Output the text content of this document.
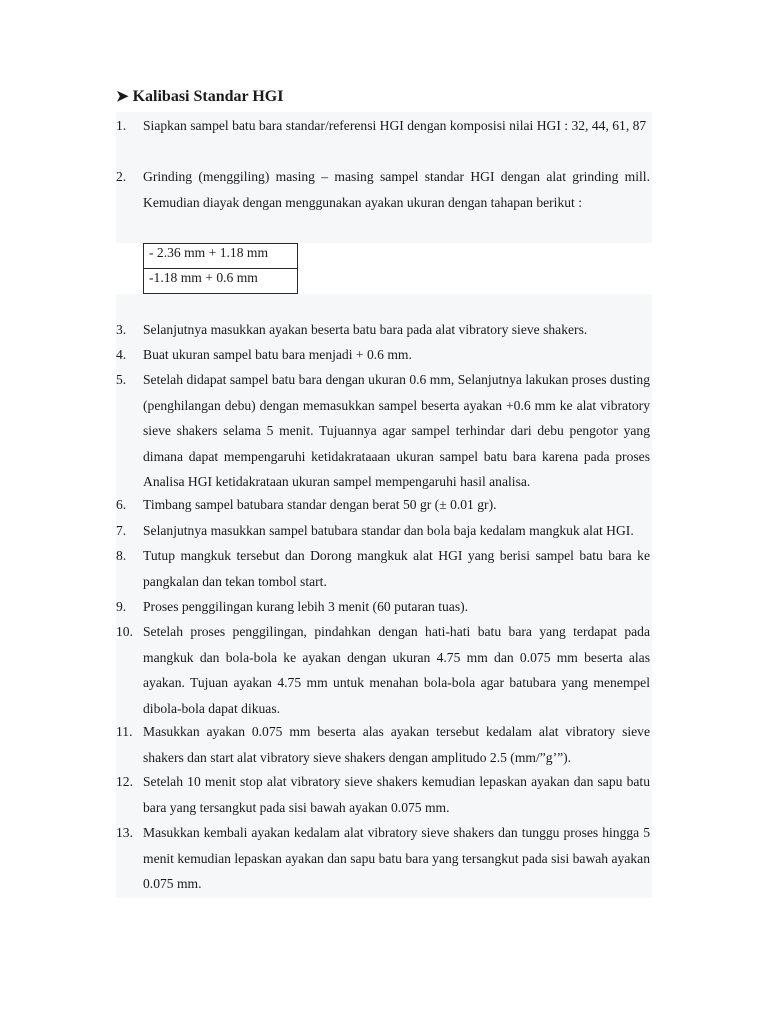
➤ Kalibasi Standar HGI
1.	Siapkan sampel batu bara standar/referensi HGI dengan komposisi nilai HGI : 32, 44, 61, 87
2.	Grinding (menggiling) masing – masing sampel standar HGI dengan alat grinding mill. Kemudian diayak dengan menggunakan ayakan ukuran dengan tahapan berikut :
- 2.36 mm + 1.18 mm
-1.18 mm + 0.6 mm
3.	Selanjutnya masukkan ayakan beserta batu bara pada alat vibratory sieve shakers.
4.	Buat ukuran sampel batu bara menjadi + 0.6 mm.
5.	Setelah didapat sampel batu bara dengan ukuran 0.6 mm, Selanjutnya lakukan proses dusting (penghilangan debu) dengan memasukkan sampel beserta ayakan +0.6 mm ke alat vibratory sieve shakers selama 5 menit. Tujuannya agar sampel terhindar dari debu pengotor yang dimana dapat mempengaruhi ketidakrataaan ukuran sampel batu bara karena pada proses Analisa HGI ketidakrataan ukuran sampel mempengaruhi hasil analisa.
6.	Timbang sampel batubara standar dengan berat 50 gr (± 0.01 gr).
7.	Selanjutnya masukkan sampel batubara standar dan bola baja kedalam mangkuk alat HGI.
8.	Tutup mangkuk tersebut dan Dorong mangkuk alat HGI yang berisi sampel batu bara ke pangkalan dan tekan tombol start.
9.	Proses penggilingan kurang lebih 3 menit (60 putaran tuas).
10. Setelah proses penggilingan, pindahkan dengan hati-hati batu bara yang terdapat pada mangkuk dan bola-bola ke ayakan dengan ukuran 4.75 mm dan 0.075 mm beserta alas ayakan. Tujuan ayakan 4.75 mm untuk menahan bola-bola agar batubara yang menempel dibola-bola dapat dikuas.
11. Masukkan ayakan 0.075 mm beserta alas ayakan tersebut kedalam alat vibratory sieve shakers dan start alat vibratory sieve shakers dengan amplitudo 2.5 (mm/”g’”).
12. Setelah 10 menit stop alat vibratory sieve shakers kemudian lepaskan ayakan dan sapu batu bara yang tersangkut pada sisi bawah ayakan 0.075 mm.
13. Masukkan kembali ayakan kedalam alat vibratory sieve shakers dan tunggu proses hingga 5 menit kemudian lepaskan ayakan dan sapu batu bara yang tersangkut pada sisi bawah ayakan 0.075 mm.
